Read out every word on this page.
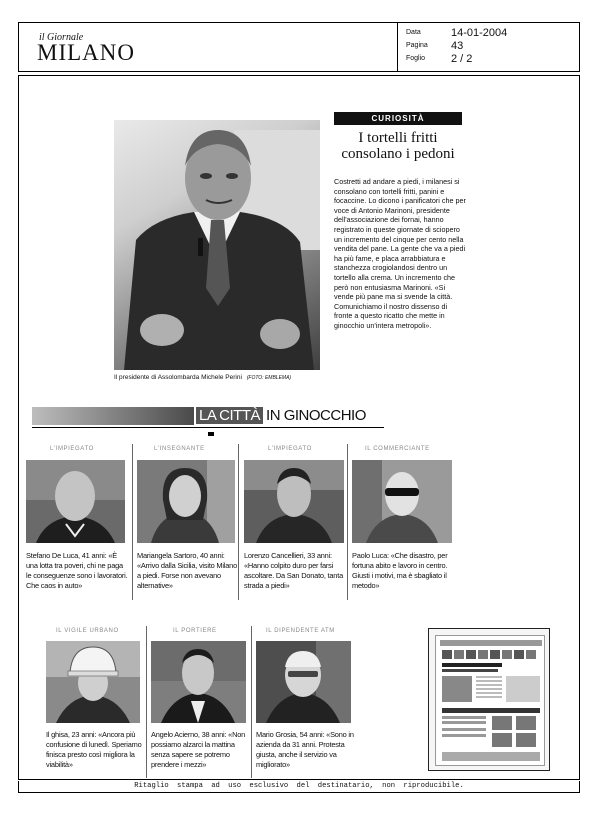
il Giornale
MILANO
Data	14-01-2004
Pagina 43
Foglio 2 / 2
Il presidente di Assolombarda Michele Perini (FOTO: EMBLEMA)
CURIOSITÀ
I tortelli fritti consolano i pedoni
Costretti ad andare a piedi, i milanesi si consolano con tortelli fritti, panini e focaccine. Lo dicono i panificatori che per voce di Antonio Marinoni, presidente dell'associazione dei fornai, hanno registrato in queste giornate di sciopero un incremento del cinque per cento nella vendita del pane. La gente che va a piedi ha più fame, e placa arrabbiatura e stanchezza crogiolandosi dentro un tortello alla crema. Un incremento che però non entusiasma Marinoni. «Si vende più pane ma si svende la città. Comunichiamo il nostro dissenso di fronte a questo ricatto che mette in ginocchio un'intera metropoli».
LA CITTÀ IN GINOCCHIO
L'IMPIEGATO
Stefano De Luca, 41 anni: «È una lotta tra poveri, chi ne paga le conseguenze sono i lavoratori. Che caos in auto»
L'INSEGNANTE
Mariangela Sartoro, 40 anni: «Arrivo dalla Sicilia, visito Milano a piedi. Forse non avevano alternative»
L'IMPIEGATO
Lorenzo Cancellieri, 33 anni: «Hanno colpito duro per farsi ascoltare. Da San Donato, tanta strada a piedi»
IL COMMERCIANTE
Paolo Luca: «Che disastro, per fortuna abito e lavoro in centro. Giusti i motivi, ma è sbagliato il metodo»
IL VIGILE URBANO
Il ghisa, 23 anni: «Ancora più confusione di lunedì. Speriamo finisca presto così migliora la viabilità»
IL PORTIERE
Angelo Acierno, 38 anni: «Non possiamo alzarci la mattina senza sapere se potremo prendere i mezzi»
IL DIPENDENTE ATM
Mario Grosia, 54 anni: «Sono in azienda da 31 anni. Protesta giusta, anche il servizio va migliorato»
Ritaglio stampa ad uso esclusivo del destinatario, non riproducibile.
